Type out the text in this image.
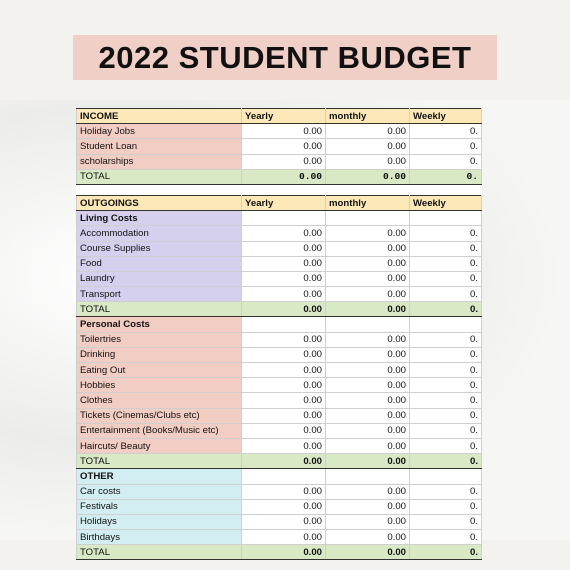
2022 STUDENT BUDGET
INCOME	Yearly	monthly	Weekly
Holiday Jobs	0.00	0.00	0.
Student Loan	0.00	0.00	0.
scholarships	0.00	0.00	0.
TOTAL	0.00	0.00	0.

OUTGOINGS	Yearly	monthly	Weekly
Living Costs			
Accommodation	0.00	0.00	0.
Course Supplies	0.00	0.00	0.
Food	0.00	0.00	0.
Laundry	0.00	0.00	0.
Transport	0.00	0.00	0.
TOTAL	0.00	0.00	0.
Personal Costs			
Toilertries	0.00	0.00	0.
Drinking	0.00	0.00	0.
Eating Out	0.00	0.00	0.
Hobbies	0.00	0.00	0.
Clothes	0.00	0.00	0.
Tickets (Cinemas/Clubs etc)	0.00	0.00	0.
Entertainment (Books/Music etc)	0.00	0.00	0.
Haircuts/ Beauty	0.00	0.00	0.
TOTAL	0.00	0.00	0.
OTHER			
Car costs	0.00	0.00	0.
Festivals	0.00	0.00	0.
Holidays	0.00	0.00	0.
Birthdays	0.00	0.00	0.
TOTAL	0.00	0.00	0.
